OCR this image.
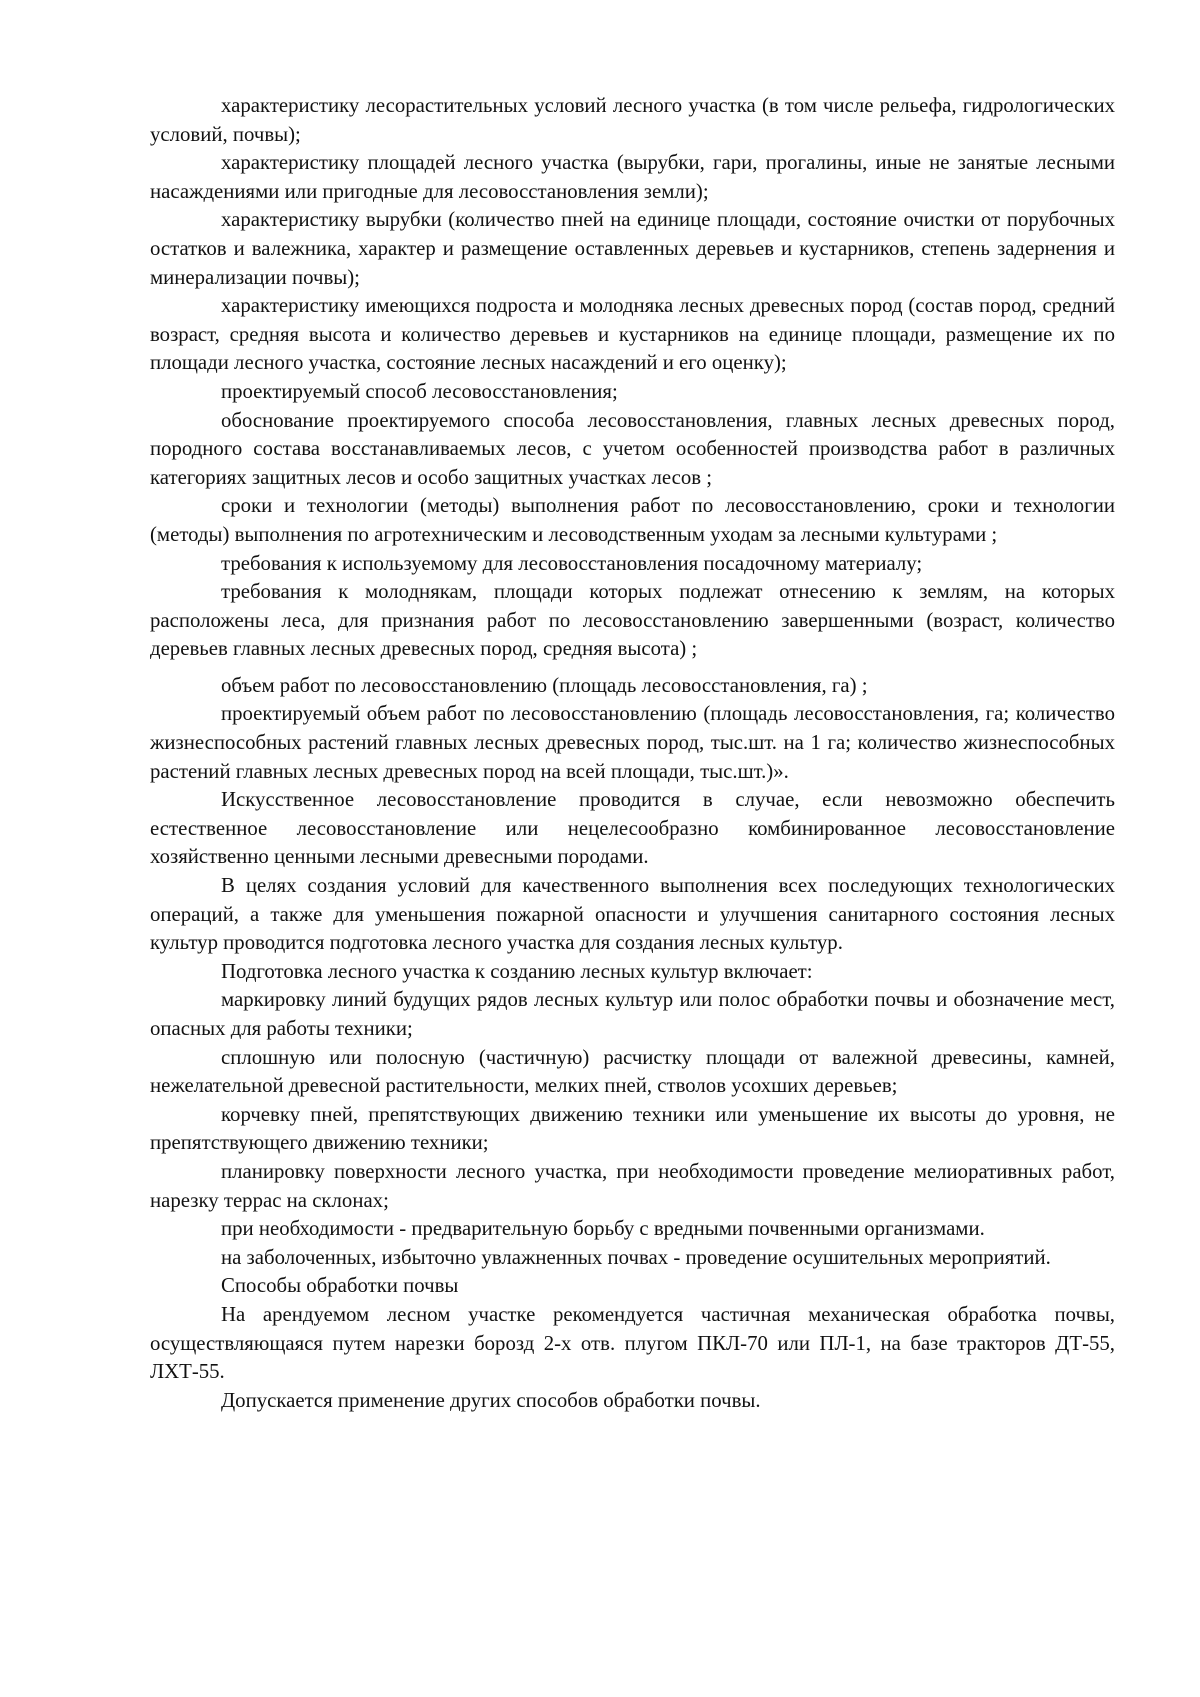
характеристику лесорастительных условий лесного участка (в том числе рельефа, гидрологических условий, почвы);

характеристику площадей лесного участка (вырубки, гари, прогалины, иные не занятые лесными насаждениями или пригодные для лесовосстановления земли);

характеристику вырубки (количество пней на единице площади, состояние очистки от порубочных остатков и валежника, характер и размещение оставленных деревьев и кустарников, степень задернения и минерализации почвы);

характеристику имеющихся подроста и молодняка лесных древесных пород (состав пород, средний возраст, средняя высота и количество деревьев и кустарников на единице площади, размещение их по площади лесного участка, состояние лесных насаждений и его оценку);

проектируемый способ лесовосстановления;

обоснование проектируемого способа лесовосстановления, главных лесных древесных пород, породного состава восстанавливаемых лесов, с учетом особенностей производства работ в различных категориях защитных лесов и особо защитных участках лесов ;

сроки и технологии (методы) выполнения работ по лесовосстановлению, сроки и технологии (методы) выполнения по агротехническим и лесоводственным уходам за лесными культурами ;

требования к используемому для лесовосстановления посадочному материалу;

требования к молоднякам, площади которых подлежат отнесению к землям, на которых расположены леса, для признания работ по лесовосстановлению завершенными (возраст, количество деревьев главных лесных древесных пород, средняя высота) ;

объем работ по лесовосстановлению (площадь лесовосстановления, га) ;

проектируемый объем работ по лесовосстановлению (площадь лесовосстановления, га; количество жизнеспособных растений главных лесных древесных пород, тыс.шт. на 1 га; количество жизнеспособных растений главных лесных древесных пород на всей площади, тыс.шт.)».

Искусственное лесовосстановление проводится в случае, если невозможно обеспечить естественное лесовосстановление или нецелесообразно комбинированное лесовосстановление хозяйственно ценными лесными древесными породами.

В целях создания условий для качественного выполнения всех последующих технологических операций, а также для уменьшения пожарной опасности и улучшения санитарного состояния лесных культур проводится подготовка лесного участка для создания лесных культур.

Подготовка лесного участка к созданию лесных культур включает:

маркировку линий будущих рядов лесных культур или полос обработки почвы и обозначение мест, опасных для работы техники;

сплошную или полосную (частичную) расчистку площади от валежной древесины, камней, нежелательной древесной растительности, мелких пней, стволов усохших деревьев;

корчевку пней, препятствующих движению техники или уменьшение их высоты до уровня, не препятствующего движению техники;

планировку поверхности лесного участка, при необходимости проведение мелиоративных работ, нарезку террас на склонах;

при необходимости - предварительную борьбу с вредными почвенными организмами.

на заболоченных, избыточно увлажненных почвах - проведение осушительных мероприятий.

Способы обработки почвы

На арендуемом лесном участке рекомендуется частичная механическая обработка почвы, осуществляющаяся путем нарезки борозд 2-х отв. плугом ПКЛ-70 или ПЛ-1, на базе тракторов ДТ-55, ЛХТ-55.

Допускается применение других способов обработки почвы.
